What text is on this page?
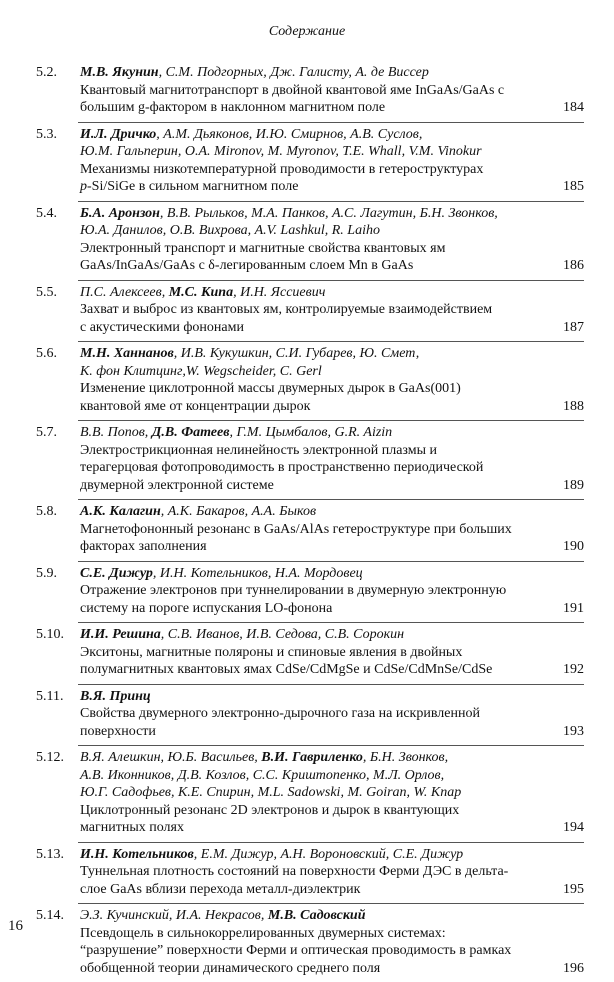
Содержание
5.2. М.В. Якунин, С.М. Подгорных, Дж. Галисту, А. де Виссер
Квантовый магнитотранспорт в двойной квантовой яме InGaAs/GaAs с
большим g-фактором в наклонном магнитном поле	184
5.3. И.Л. Дричко, А.М. Дьяконов, И.Ю. Смирнов, А.В. Суслов,
Ю.М. Гальперин, O.A. Mironov, M. Myronov, T.E. Whall, V.M. Vinokur
Механизмы низкотемпературной проводимости в гетероструктурах
p-Si/SiGe в сильном магнитном поле	185
5.4. Б.А. Аронзон, В.В. Рыльков, М.А. Панков, А.С. Лагутин, Б.Н. Звонков,
Ю.А. Данилов, О.В. Вихрова, A.V. Lashkul, R. Laiho
Электронный транспорт и магнитные свойства квантовых ям
GaAs/InGaAs/GaAs с δ-легированным слоем Mn в GaAs	186
5.5. П.С. Алексеев, М.С. Кипа, И.Н. Яссиевич
Захват и выброс из квантовых ям, контролируемые взаимодействием
с акустическими фононами	187
5.6. М.Н. Ханнанов, И.В. Кукушкин, С.И. Губарев, Ю. Смет,
К. фон Клитцинг,W. Wegscheider, C. Gerl
Изменение циклотронной массы двумерных дырок в GaAs(001)
квантовой яме от концентрации дырок	188
5.7. В.В. Попов, Д.В. Фатеев, Г.М. Цымбалов, G.R. Aizin
Электрострикционная нелинейность электронной плазмы и
терагерцовая фотопроводимость в пространственно периодической
двумерной электронной системе	189
5.8. А.К. Калагин, А.К. Бакаров, А.А. Быков
Магнетофононный резонанс в GaAs/AlAs гетероструктуре при больших
факторах заполнения	190
5.9. С.Е. Дижур, И.Н. Котельников, Н.А. Мордовец
Отражение электронов при туннелировании в двумерную электронную
систему на пороге испускания LO-фонона	191
5.10. И.И. Решина, С.В. Иванов, И.В. Седова, С.В. Сорокин
Экситоны, магнитные поляроны и спиновые явления в двойных
полумагнитных квантовых ямах CdSe/CdMgSe и CdSe/CdMnSe/CdSe	192
5.11. В.Я. Принц
Свойства двумерного электронно-дырочного газа на искривленной
поверхности	193
5.12. В.Я. Алешкин, Ю.Б. Васильев, В.И. Гавриленко, Б.Н. Звонков,
А.В. Иконников, Д.В. Козлов, С.С. Криштопенко, М.Л. Орлов,
Ю.Г. Садофьев, К.Е. Спирин, M.L. Sadowski, M. Goiran, W. Кпар
Циклотронный резонанс 2D электронов и дырок в квантующих
магнитных полях	194
5.13. И.Н. Котельников, Е.М. Дижур, А.Н. Вороновский, С.Е. Дижур
Туннельная плотность состояний на поверхности Ферми ДЭС в дельта-
слое GaAs вблизи перехода металл-диэлектрик	195
5.14. Э.З. Кучинский, И.А. Некрасов, М.В. Садовский
Псевдощель в сильнокоррелированных двумерных системах:
“разрушение” поверхности Ферми и оптическая проводимость в рамках
обобщенной теории динамического среднего поля	196
16
